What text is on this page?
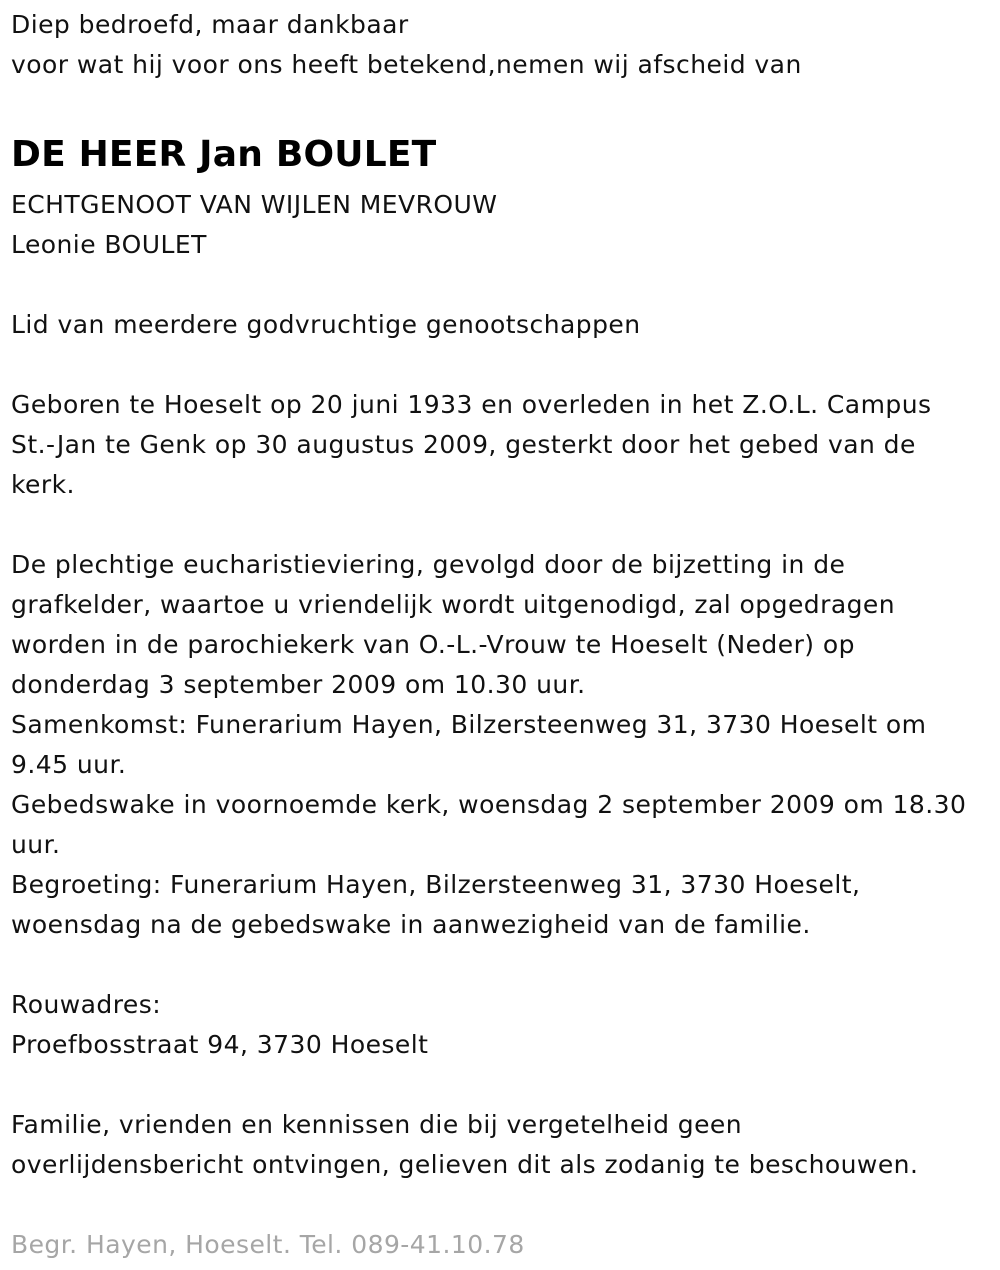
Diep bedroefd, maar dankbaar

voor wat hij voor ons heeft betekend,nemen wij afscheid van

DE HEER Jan BOULET

ECHTGENOOT VAN WIJLEN MEVROUW

Leonie BOULET

Lid van meerdere godvruchtige genootschappen

Geboren te Hoeselt op 20 juni 1933 en overleden in het Z.O.L. Campus

St.-Jan te Genk op 30 augustus 2009, gesterkt door het gebed van de

kerk.

De plechtige eucharistieviering, gevolgd door de bijzetting in de

grafkelder, waartoe u vriendelijk wordt uitgenodigd, zal opgedragen

worden in de parochiekerk van O.-L.-Vrouw te Hoeselt (Neder) op

donderdag 3 september 2009 om 10.30 uur.

Samenkomst: Funerarium Hayen, Bilzersteenweg 31, 3730 Hoeselt om

9.45 uur.

Gebedswake in voornoemde kerk, woensdag 2 september 2009 om 18.30

uur.

Begroeting: Funerarium Hayen, Bilzersteenweg 31, 3730 Hoeselt,

woensdag na de gebedswake in aanwezigheid van de familie.

Rouwadres:

Proefbosstraat 94, 3730 Hoeselt

Familie, vrienden en kennissen die bij vergetelheid geen

overlijdensbericht ontvingen, gelieven dit als zodanig te beschouwen.

Begr. Hayen, Hoeselt. Tel. 089-41.10.78
